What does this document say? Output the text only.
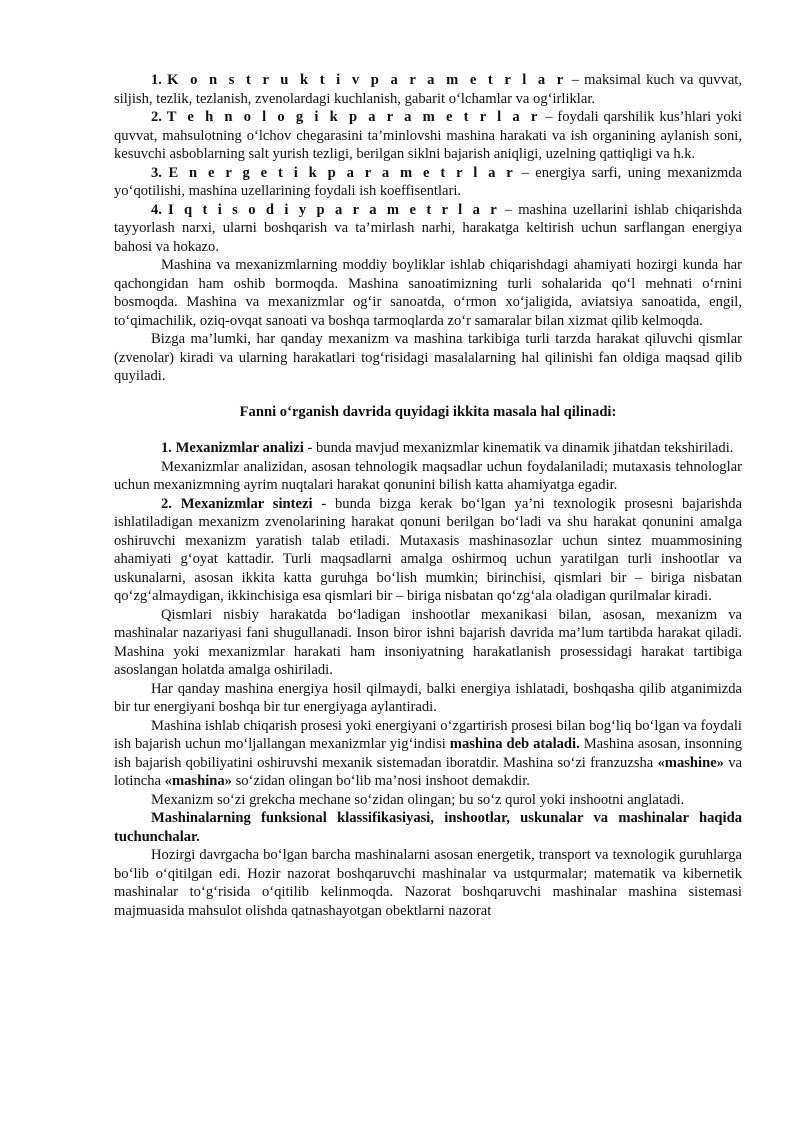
1. K o n s t r u k t i v p a r a m e t r l a r – maksimal kuch va quvvat, siljish, tezlik, tezlanish, zvenolardagi kuchlanish, gabarit oʻlchamlar va ogʻirliklar.

2. T e h n o l o g i k p a r a m e t r l a r – foydali qarshilik kus’hlari yoki quvvat, mahsulotning oʻlchov chegarasini ta’minlovshi mashina harakati va ish organining aylanish soni, kesuvchi asboblarning salt yurish tezligi, berilgan siklni bajarish aniqligi, uzelning qattiqligi va h.k.

3. E n e r g e t i k p a r a m e t r l a r – energiya sarfi, uning mexanizmda yoʻqotilishi, mashina uzellarining foydali ish koeffisentlari.

4. I q t i s o d i y p a r a m e t r l a r – mashina uzellarini ishlab chiqarishda tayyorlash narxi, ularni boshqarish va ta’mirlash narhi, harakatga keltirish uchun sarflangan energiya bahosi va hokazo.

Mashina va mexanizmlarning moddiy boyliklar ishlab chiqarishdagi ahamiyati hozirgi kunda har qachongidan ham oshib bormoqda. Mashina sanoatimizning turli sohalarida qoʻl mehnati oʻrnini bosmoqda. Mashina va mexanizmlar ogʻir sanoatda, oʻrmon xoʻjaligida, aviatsiya sanoatida, engil, toʻqimachilik, oziq-ovqat sanoati va boshqa tarmoqlarda zoʻr samaralar bilan xizmat qilib kelmoqda.

Bizga ma’lumki, har qanday mexanizm va mashina tarkibiga turli tarzda harakat qiluvchi qismlar (zvenolar) kiradi va ularning harakatlari togʻrisidagi masalalarning hal qilinishi fan oldiga maqsad qilib quyiladi.

Fanni oʻrganish davrida quyidagi ikkita masala hal qilinadi:

1. Mexanizmlar analizi - bunda mavjud mexanizmlar kinematik va dinamik jihatdan tekshiriladi.

Mexanizmlar analizidan, asosan tehnologik maqsadlar uchun foydalaniladi; mutaxasis tehnologlar uchun mexanizmning ayrim nuqtalari harakat qonunini bilish katta ahamiyatga egadir.

2. Mexanizmlar sintezi - bunda bizga kerak boʻlgan ya’ni texnologik prosesni bajarishda ishlatiladigan mexanizm zvenolarining harakat qonuni berilgan boʻladi va shu harakat qonunini amalga oshiruvchi mexanizm yaratish talab etiladi. Mutaxasis mashinasozlar uchun sintez muammosining ahamiyati gʻoyat kattadir. Turli maqsadlarni amalga oshirmoq uchun yaratilgan turli inshootlar va uskunalarni, asosan ikkita katta guruhga boʻlish mumkin; birinchisi, qismlari bir – biriga nisbatan qoʻzgʻalmaydigan, ikkinchisiga esa qismlari bir – biriga nisbatan qoʻzgʻala oladigan qurilmalar kiradi.

Qismlari nisbiy harakatda boʻladigan inshootlar mexanikasi bilan, asosan, mexanizm va mashinalar nazariyasi fani shugullanadi. Inson biror ishni bajarish davrida ma’lum tartibda harakat qiladi. Mashina yoki mexanizmlar harakati ham insoniyatning harakatlanish prosessidagi harakat tartibiga asoslangan holatda amalga oshiriladi.

Har qanday mashina energiya hosil qilmaydi, balki energiya ishlatadi, boshqasha qilib atganimizda bir tur energiyani boshqa bir tur energiyaga aylantiradi.

Mashina ishlab chiqarish prosesi yoki energiyani oʻzgartirish prosesi bilan bogʻliq boʻlgan va foydali ish bajarish uchun moʻljallangan mexanizmlar yigʻindisi mashina deb ataladi. Mashina asosan, insonning ish bajarish qobiliyatini oshiruvshi mexanik sistemadan iboratdir. Mashina soʻzi franzuzsha «mashine» va lotincha «mashina» soʻzidan olingan boʻlib ma’nosi inshoot demakdir.

Mexanizm soʻzi grekcha mechane soʻzidan olingan; bu soʻz qurol yoki inshootni anglatadi.

Mashinalarning funksional klassifikasiyasi, inshootlar, uskunalar va mashinalar haqida tuchunchalar.

Hozirgi davrgacha boʻlgan barcha mashinalarni asosan energetik, transport va texnologik guruhlarga boʻlib oʻqitilgan edi. Hozir nazorat boshqaruvchi mashinalar va ustqurmalar; matematik va kibernetik mashinalar toʻgʻrisida oʻqitilib kelinmoqda. Nazorat boshqaruvchi mashinalar mashina sistemasi majmuasida mahsulot olishda qatnashayotgan obektlarni nazorat
